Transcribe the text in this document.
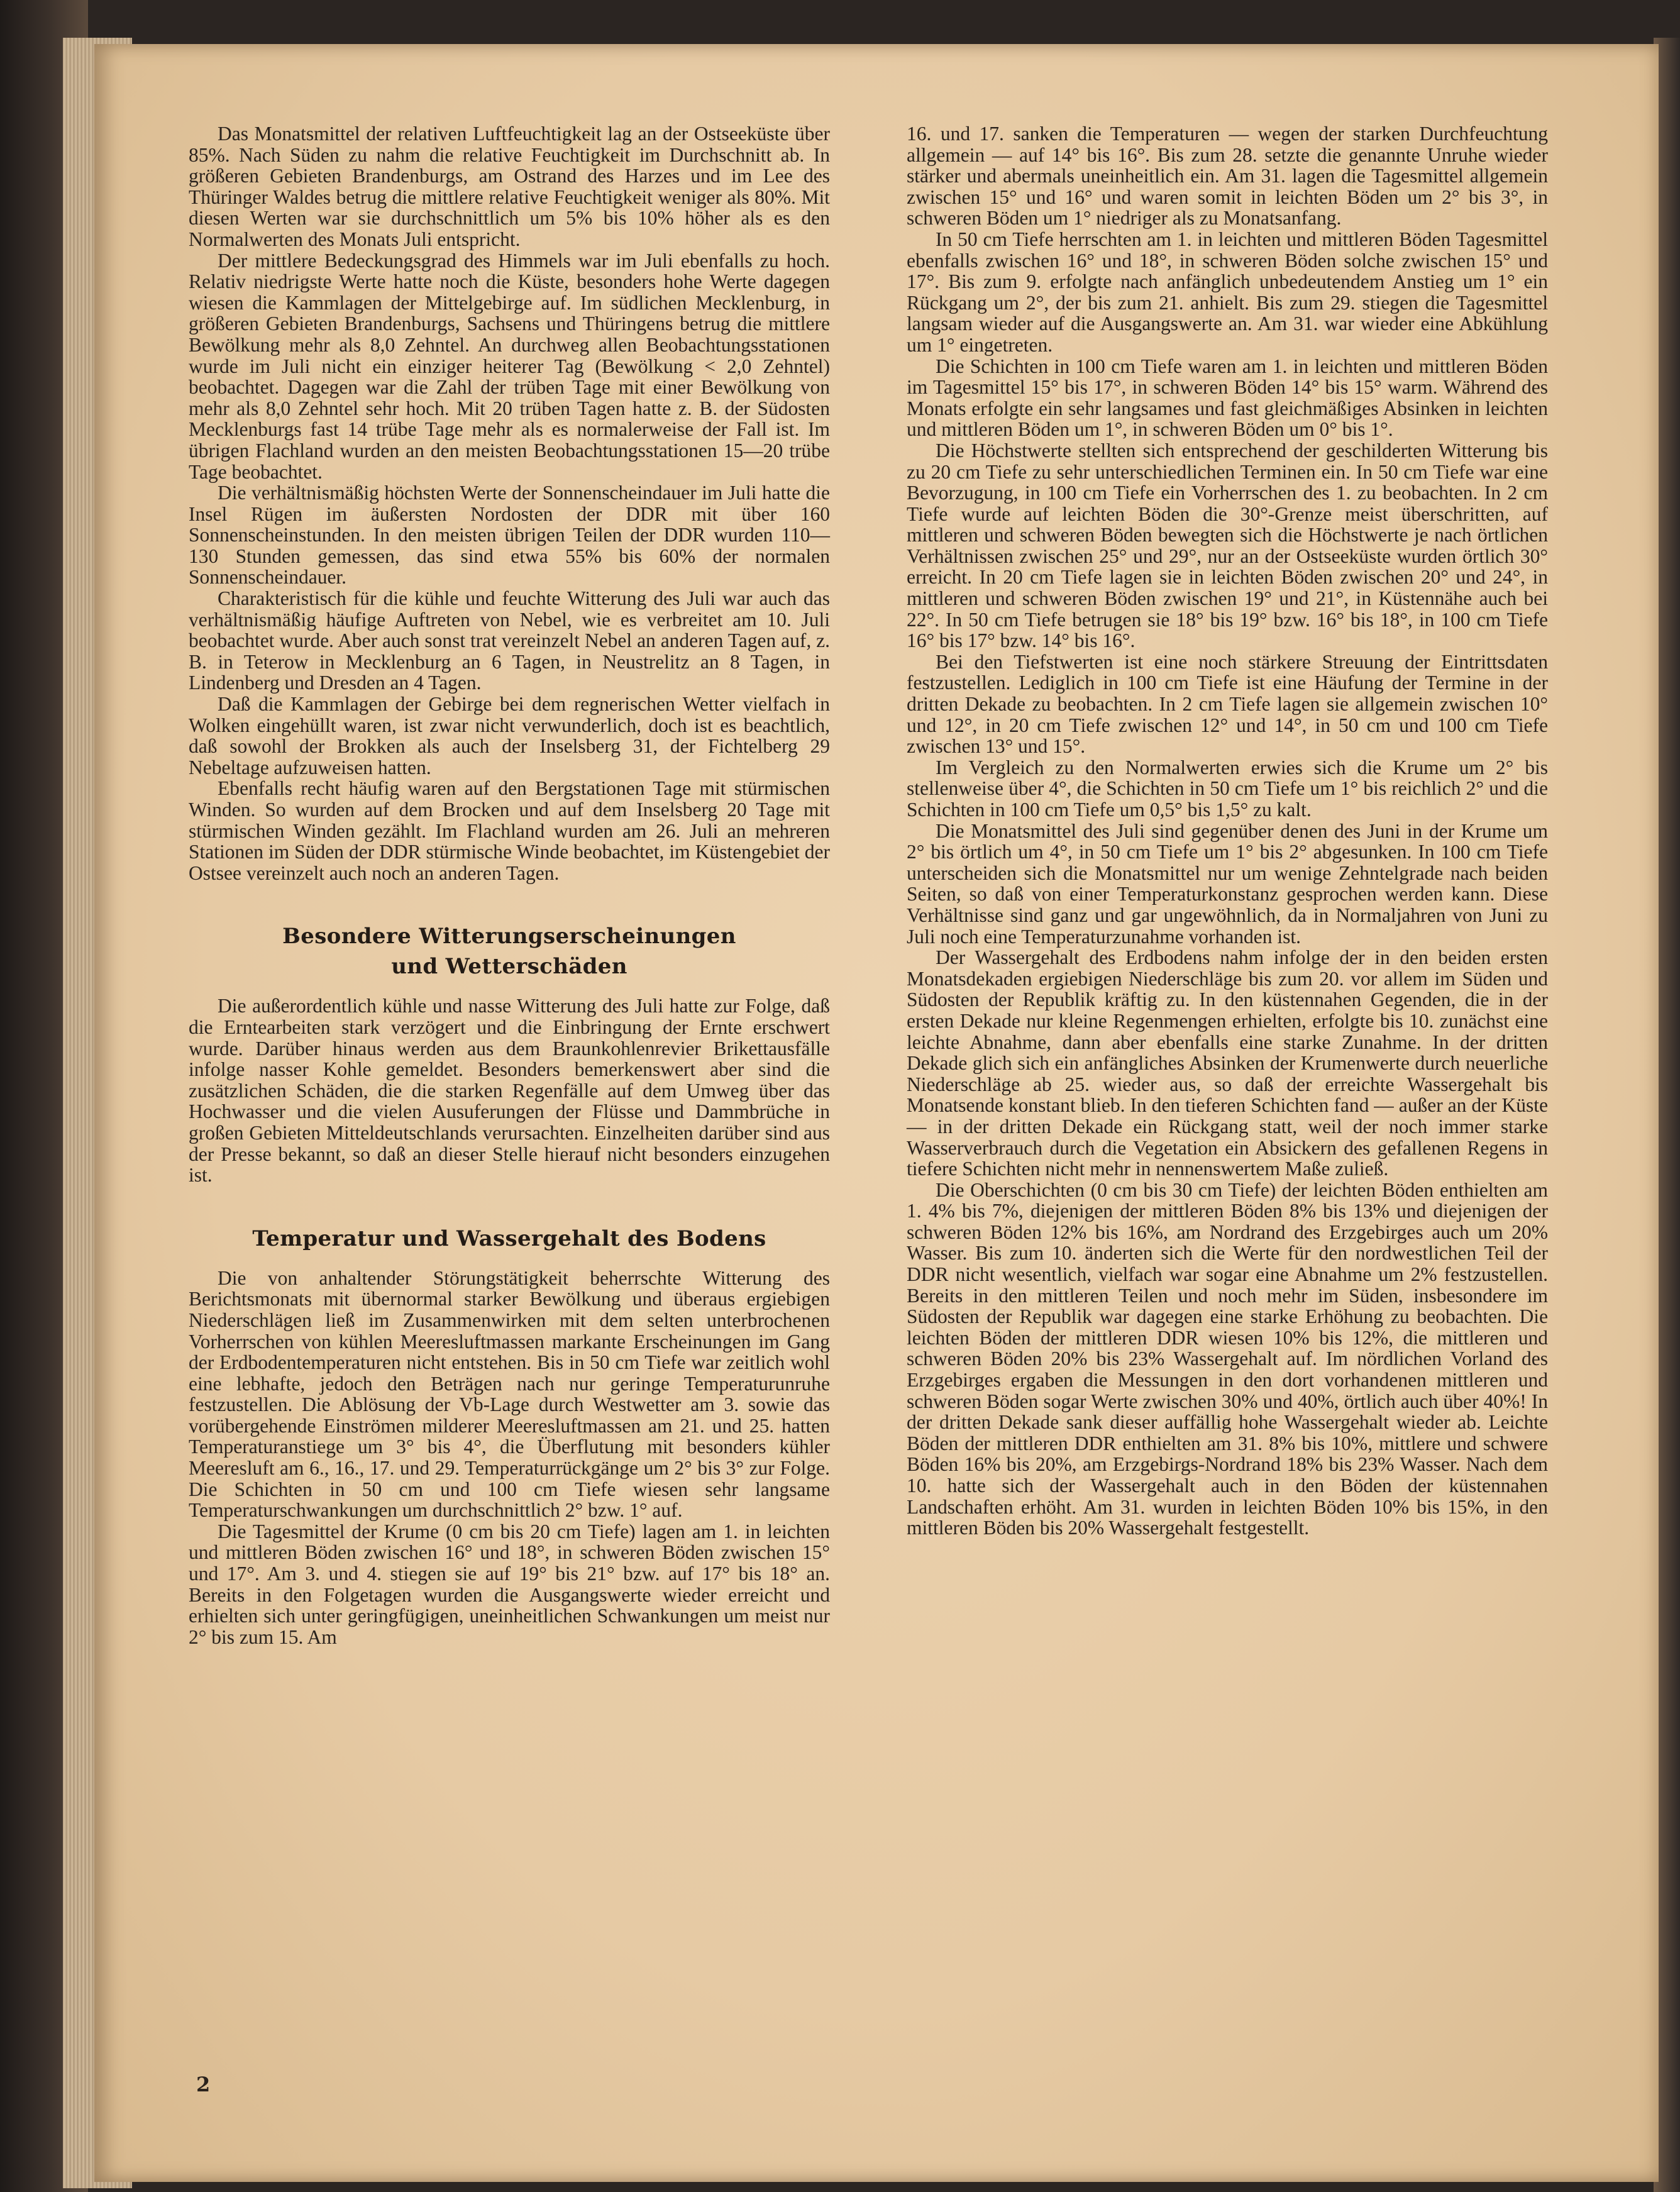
Das Monatsmittel der relativen Luftfeuchtigkeit lag an der Ostseeküste über 85%. Nach Süden zu nahm die relative Feuchtigkeit im Durchschnitt ab. In größeren Gebieten Brandenburgs, am Ostrand des Harzes und im Lee des Thüringer Waldes betrug die mittlere relative Feuchtigkeit weniger als 80%. Mit diesen Werten war sie durchschnittlich um 5% bis 10% höher als es den Normalwerten des Monats Juli entspricht.

Der mittlere Bedeckungsgrad des Himmels war im Juli ebenfalls zu hoch. Relativ niedrigste Werte hatte noch die Küste, besonders hohe Werte dagegen wiesen die Kammlagen der Mittelgebirge auf. Im südlichen Mecklenburg, in größeren Gebieten Brandenburgs, Sachsens und Thüringens betrug die mittlere Bewölkung mehr als 8,0 Zehntel. An durchweg allen Beobachtungsstationen wurde im Juli nicht ein einziger heiterer Tag (Bewölkung < 2,0 Zehntel) beobachtet. Dagegen war die Zahl der trüben Tage mit einer Bewölkung von mehr als 8,0 Zehntel sehr hoch. Mit 20 trüben Tagen hatte z. B. der Südosten Mecklenburgs fast 14 trübe Tage mehr als es normalerweise der Fall ist. Im übrigen Flachland wurden an den meisten Beobachtungsstationen 15—20 trübe Tage beobachtet.

Die verhältnismäßig höchsten Werte der Sonnenscheindauer im Juli hatte die Insel Rügen im äußersten Nordosten der DDR mit über 160 Sonnenscheinstunden. In den meisten übrigen Teilen der DDR wurden 110—130 Stunden gemessen, das sind etwa 55% bis 60% der normalen Sonnenscheindauer.

Charakteristisch für die kühle und feuchte Witterung des Juli war auch das verhältnismäßig häufige Auftreten von Nebel, wie es verbreitet am 10. Juli beobachtet wurde. Aber auch sonst trat vereinzelt Nebel an anderen Tagen auf, z. B. in Teterow in Mecklenburg an 6 Tagen, in Neustrelitz an 8 Tagen, in Lindenberg und Dresden an 4 Tagen.

Daß die Kammlagen der Gebirge bei dem regnerischen Wetter vielfach in Wolken eingehüllt waren, ist zwar nicht verwunderlich, doch ist es beachtlich, daß sowohl der Brokken als auch der Inselsberg 31, der Fichtelberg 29 Nebeltage aufzuweisen hatten.

Ebenfalls recht häufig waren auf den Bergstationen Tage mit stürmischen Winden. So wurden auf dem Brocken und auf dem Inselsberg 20 Tage mit stürmischen Winden gezählt. Im Flachland wurden am 26. Juli an mehreren Stationen im Süden der DDR stürmische Winde beobachtet, im Küstengebiet der Ostsee vereinzelt auch noch an anderen Tagen.

Besondere Witterungserscheinungen
und Wetterschäden

Die außerordentlich kühle und nasse Witterung des Juli hatte zur Folge, daß die Erntearbeiten stark verzögert und die Einbringung der Ernte erschwert wurde. Darüber hinaus werden aus dem Braunkohlenrevier Brikettausfälle infolge nasser Kohle gemeldet. Besonders bemerkenswert aber sind die zusätzlichen Schäden, die die starken Regenfälle auf dem Umweg über das Hochwasser und die vielen Ausuferungen der Flüsse und Dammbrüche in großen Gebieten Mitteldeutschlands verursachten. Einzelheiten darüber sind aus der Presse bekannt, so daß an dieser Stelle hierauf nicht besonders einzugehen ist.

Temperatur und Wassergehalt des Bodens

Die von anhaltender Störungstätigkeit beherrschte Witterung des Berichtsmonats mit übernormal starker Bewölkung und überaus ergiebigen Niederschlägen ließ im Zusammenwirken mit dem selten unterbrochenen Vorherrschen von kühlen Meeresluftmassen markante Erscheinungen im Gang der Erdbodentemperaturen nicht entstehen. Bis in 50 cm Tiefe war zeitlich wohl eine lebhafte, jedoch den Beträgen nach nur geringe Temperaturunruhe festzustellen. Die Ablösung der Vb-Lage durch Westwetter am 3. sowie das vorübergehende Einströmen milderer Meeresluftmassen am 21. und 25. hatten Temperaturanstiege um 3° bis 4°, die Überflutung mit besonders kühler Meeresluft am 6., 16., 17. und 29. Temperaturrückgänge um 2° bis 3° zur Folge. Die Schichten in 50 cm und 100 cm Tiefe wiesen sehr langsame Temperaturschwankungen um durchschnittlich 2° bzw. 1° auf.

Die Tagesmittel der Krume (0 cm bis 20 cm Tiefe) lagen am 1. in leichten und mittleren Böden zwischen 16° und 18°, in schweren Böden zwischen 15° und 17°. Am 3. und 4. stiegen sie auf 19° bis 21° bzw. auf 17° bis 18° an. Bereits in den Folgetagen wurden die Ausgangswerte wieder erreicht und erhielten sich unter geringfügigen, uneinheitlichen Schwankungen um meist nur 2° bis zum 15. Am

16. und 17. sanken die Temperaturen — wegen der starken Durchfeuchtung allgemein — auf 14° bis 16°. Bis zum 28. setzte die genannte Unruhe wieder stärker und abermals uneinheitlich ein. Am 31. lagen die Tagesmittel allgemein zwischen 15° und 16° und waren somit in leichten Böden um 2° bis 3°, in schweren Böden um 1° niedriger als zu Monatsanfang.

In 50 cm Tiefe herrschten am 1. in leichten und mittleren Böden Tagesmittel ebenfalls zwischen 16° und 18°, in schweren Böden solche zwischen 15° und 17°. Bis zum 9. erfolgte nach anfänglich unbedeutendem Anstieg um 1° ein Rückgang um 2°, der bis zum 21. anhielt. Bis zum 29. stiegen die Tagesmittel langsam wieder auf die Ausgangswerte an. Am 31. war wieder eine Abkühlung um 1° eingetreten.

Die Schichten in 100 cm Tiefe waren am 1. in leichten und mittleren Böden im Tagesmittel 15° bis 17°, in schweren Böden 14° bis 15° warm. Während des Monats erfolgte ein sehr langsames und fast gleichmäßiges Absinken in leichten und mittleren Böden um 1°, in schweren Böden um 0° bis 1°.

Die Höchstwerte stellten sich entsprechend der geschilderten Witterung bis zu 20 cm Tiefe zu sehr unterschiedlichen Terminen ein. In 50 cm Tiefe war eine Bevorzugung, in 100 cm Tiefe ein Vorherrschen des 1. zu beobachten. In 2 cm Tiefe wurde auf leichten Böden die 30°-Grenze meist überschritten, auf mittleren und schweren Böden bewegten sich die Höchstwerte je nach örtlichen Verhältnissen zwischen 25° und 29°, nur an der Ostseeküste wurden örtlich 30° erreicht. In 20 cm Tiefe lagen sie in leichten Böden zwischen 20° und 24°, in mittleren und schweren Böden zwischen 19° und 21°, in Küstennähe auch bei 22°. In 50 cm Tiefe betrugen sie 18° bis 19° bzw. 16° bis 18°, in 100 cm Tiefe 16° bis 17° bzw. 14° bis 16°.

Bei den Tiefstwerten ist eine noch stärkere Streuung der Eintrittsdaten festzustellen. Lediglich in 100 cm Tiefe ist eine Häufung der Termine in der dritten Dekade zu beobachten. In 2 cm Tiefe lagen sie allgemein zwischen 10° und 12°, in 20 cm Tiefe zwischen 12° und 14°, in 50 cm und 100 cm Tiefe zwischen 13° und 15°.

Im Vergleich zu den Normalwerten erwies sich die Krume um 2° bis stellenweise über 4°, die Schichten in 50 cm Tiefe um 1° bis reichlich 2° und die Schichten in 100 cm Tiefe um 0,5° bis 1,5° zu kalt.

Die Monatsmittel des Juli sind gegenüber denen des Juni in der Krume um 2° bis örtlich um 4°, in 50 cm Tiefe um 1° bis 2° abgesunken. In 100 cm Tiefe unterscheiden sich die Monatsmittel nur um wenige Zehntelgrade nach beiden Seiten, so daß von einer Temperaturkonstanz gesprochen werden kann. Diese Verhältnisse sind ganz und gar ungewöhnlich, da in Normaljahren von Juni zu Juli noch eine Temperaturzunahme vorhanden ist.

Der Wassergehalt des Erdbodens nahm infolge der in den beiden ersten Monatsdekaden ergiebigen Niederschläge bis zum 20. vor allem im Süden und Südosten der Republik kräftig zu. In den küstennahen Gegenden, die in der ersten Dekade nur kleine Regenmengen erhielten, erfolgte bis 10. zunächst eine leichte Abnahme, dann aber ebenfalls eine starke Zunahme. In der dritten Dekade glich sich ein anfängliches Absinken der Krumenwerte durch neuerliche Niederschläge ab 25. wieder aus, so daß der erreichte Wassergehalt bis Monatsende konstant blieb. In den tieferen Schichten fand — außer an der Küste — in der dritten Dekade ein Rückgang statt, weil der noch immer starke Wasserverbrauch durch die Vegetation ein Absickern des gefallenen Regens in tiefere Schichten nicht mehr in nennenswertem Maße zuließ.

Die Oberschichten (0 cm bis 30 cm Tiefe) der leichten Böden enthielten am 1. 4% bis 7%, diejenigen der mittleren Böden 8% bis 13% und diejenigen der schweren Böden 12% bis 16%, am Nordrand des Erzgebirges auch um 20% Wasser. Bis zum 10. änderten sich die Werte für den nordwestlichen Teil der DDR nicht wesentlich, vielfach war sogar eine Abnahme um 2% festzustellen. Bereits in den mittleren Teilen und noch mehr im Süden, insbesondere im Südosten der Republik war dagegen eine starke Erhöhung zu beobachten. Die leichten Böden der mittleren DDR wiesen 10% bis 12%, die mittleren und schweren Böden 20% bis 23% Wassergehalt auf. Im nördlichen Vorland des Erzgebirges ergaben die Messungen in den dort vorhandenen mittleren und schweren Böden sogar Werte zwischen 30% und 40%, örtlich auch über 40%! In der dritten Dekade sank dieser auffällig hohe Wassergehalt wieder ab. Leichte Böden der mittleren DDR enthielten am 31. 8% bis 10%, mittlere und schwere Böden 16% bis 20%, am Erzgebirgs-Nordrand 18% bis 23% Wasser. Nach dem 10. hatte sich der Wassergehalt auch in den Böden der küstennahen Landschaften erhöht. Am 31. wurden in leichten Böden 10% bis 15%, in den mittleren Böden bis 20% Wassergehalt festgestellt.

2
